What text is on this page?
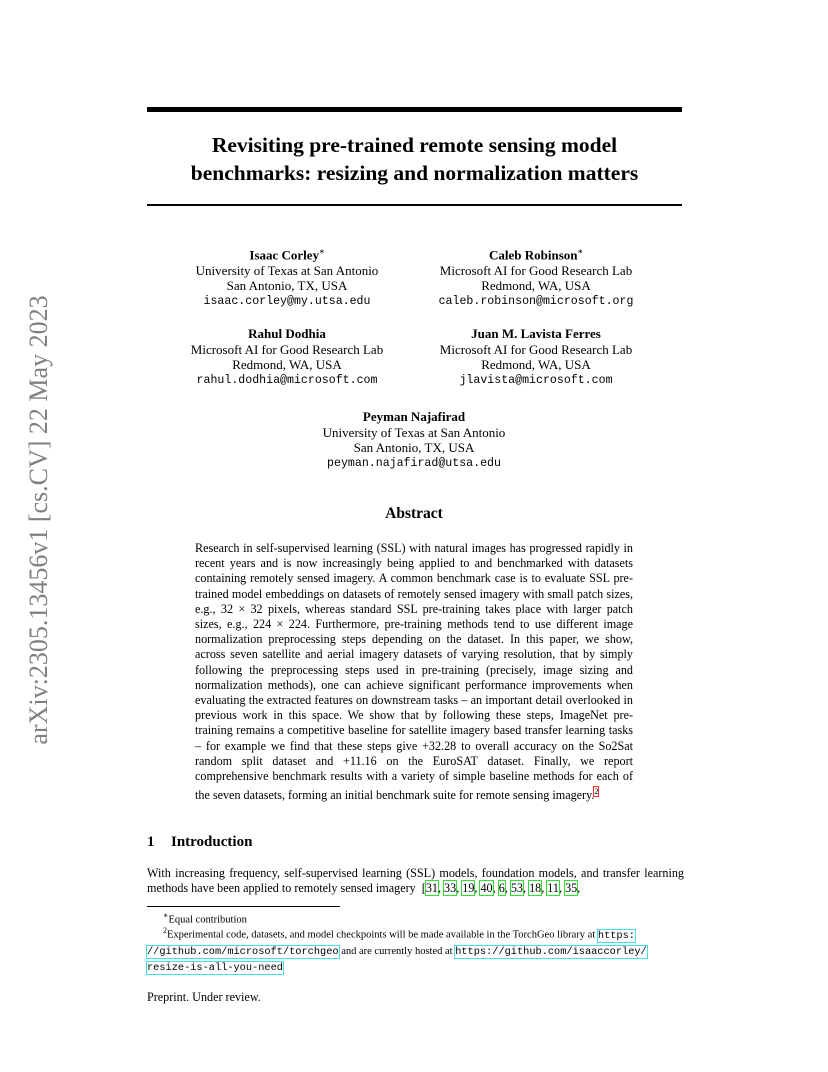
arXiv:2305.13456v1 [cs.CV] 22 May 2023
Revisiting pre-trained remote sensing model
benchmarks: resizing and normalization matters
Isaac Corley∗
University of Texas at San Antonio
San Antonio, TX, USA
isaac.corley@my.utsa.edu
Caleb Robinson∗
Microsoft AI for Good Research Lab
Redmond, WA, USA
caleb.robinson@microsoft.org
Rahul Dodhia
Microsoft AI for Good Research Lab
Redmond, WA, USA
rahul.dodhia@microsoft.com
Juan M. Lavista Ferres
Microsoft AI for Good Research Lab
Redmond, WA, USA
jlavista@microsoft.com
Peyman Najafirad
University of Texas at San Antonio
San Antonio, TX, USA
peyman.najafirad@utsa.edu
Abstract
Research in self-supervised learning (SSL) with natural images has progressed rapidly in recent years and is now increasingly being applied to and benchmarked with datasets containing remotely sensed imagery. A common benchmark case is to evaluate SSL pre-trained model embeddings on datasets of remotely sensed imagery with small patch sizes, e.g., 32 × 32 pixels, whereas standard SSL pre-training takes place with larger patch sizes, e.g., 224 × 224. Furthermore, pre-training methods tend to use different image normalization preprocessing steps depending on the dataset. In this paper, we show, across seven satellite and aerial imagery datasets of varying resolution, that by simply following the preprocessing steps used in pre-training (precisely, image sizing and normalization methods), one can achieve significant performance improvements when evaluating the extracted features on downstream tasks – an important detail overlooked in previous work in this space. We show that by following these steps, ImageNet pre-training remains a competitive baseline for satellite imagery based transfer learning tasks – for example we find that these steps give +32.28 to overall accuracy on the So2Sat random split dataset and +11.16 on the EuroSAT dataset. Finally, we report comprehensive benchmark results with a variety of simple baseline methods for each of the seven datasets, forming an initial benchmark suite for remote sensing imagery.$^2$
1 Introduction
With increasing frequency, self-supervised learning (SSL) models, foundation models, and transfer learning methods have been applied to remotely sensed imagery  [31, 33, 19, 40, 6, 53, 18, 11, 35,
∗Equal contribution
$^2$Experimental code, datasets, and model checkpoints will be made available in the TorchGeo library at https:
//github.com/microsoft/torchgeo and are currently hosted at https://github.com/isaaccorley/
resize-is-all-you-need
Preprint. Under review.
